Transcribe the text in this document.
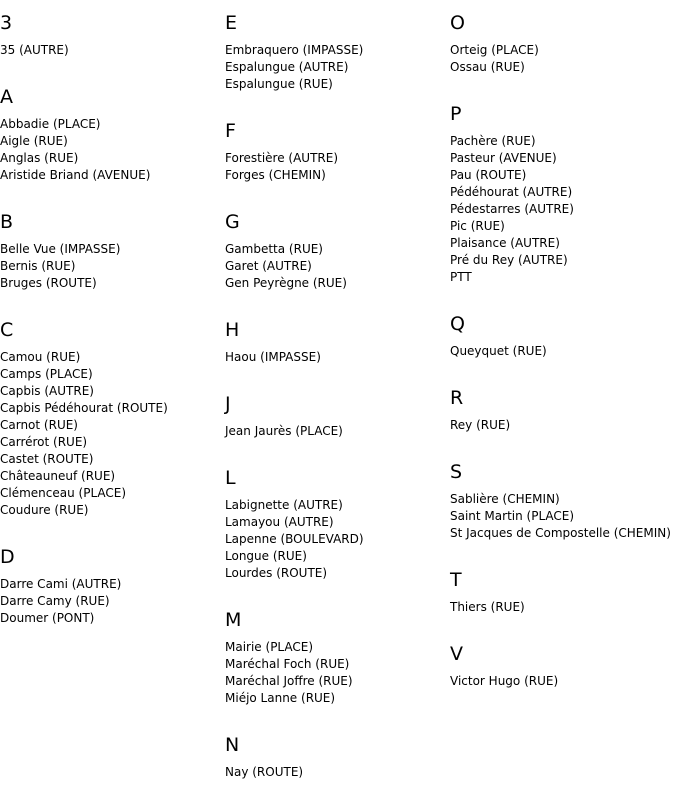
3
35 (AUTRE)
A
Abbadie (PLACE)
Aigle (RUE)
Anglas (RUE)
Aristide Briand (AVENUE)
B
Belle Vue (IMPASSE)
Bernis (RUE)
Bruges (ROUTE)
C
Camou (RUE)
Camps (PLACE)
Capbis (AUTRE)
Capbis Pédéhourat (ROUTE)
Carnot (RUE)
Carrérot (RUE)
Castet (ROUTE)
Châteauneuf (RUE)
Clémenceau (PLACE)
Coudure (RUE)
D
Darre Cami (AUTRE)
Darre Camy (RUE)
Doumer (PONT)
E
Embraquero (IMPASSE)
Espalungue (AUTRE)
Espalungue (RUE)
F
Forestière (AUTRE)
Forges (CHEMIN)
G
Gambetta (RUE)
Garet (AUTRE)
Gen Peyrègne (RUE)
H
Haou (IMPASSE)
J
Jean Jaurès (PLACE)
L
Labignette (AUTRE)
Lamayou (AUTRE)
Lapenne (BOULEVARD)
Longue (RUE)
Lourdes (ROUTE)
M
Mairie (PLACE)
Maréchal Foch (RUE)
Maréchal Joffre (RUE)
Miéjo Lanne (RUE)
N
Nay (ROUTE)
O
Orteig (PLACE)
Ossau (RUE)
P
Pachère (RUE)
Pasteur (AVENUE)
Pau (ROUTE)
Pédéhourat (AUTRE)
Pédestarres (AUTRE)
Pic (RUE)
Plaisance (AUTRE)
Pré du Rey (AUTRE)
PTT
Q
Queyquet (RUE)
R
Rey (RUE)
S
Sablière (CHEMIN)
Saint Martin (PLACE)
St Jacques de Compostelle (CHEMIN)
T
Thiers (RUE)
V
Victor Hugo (RUE)
